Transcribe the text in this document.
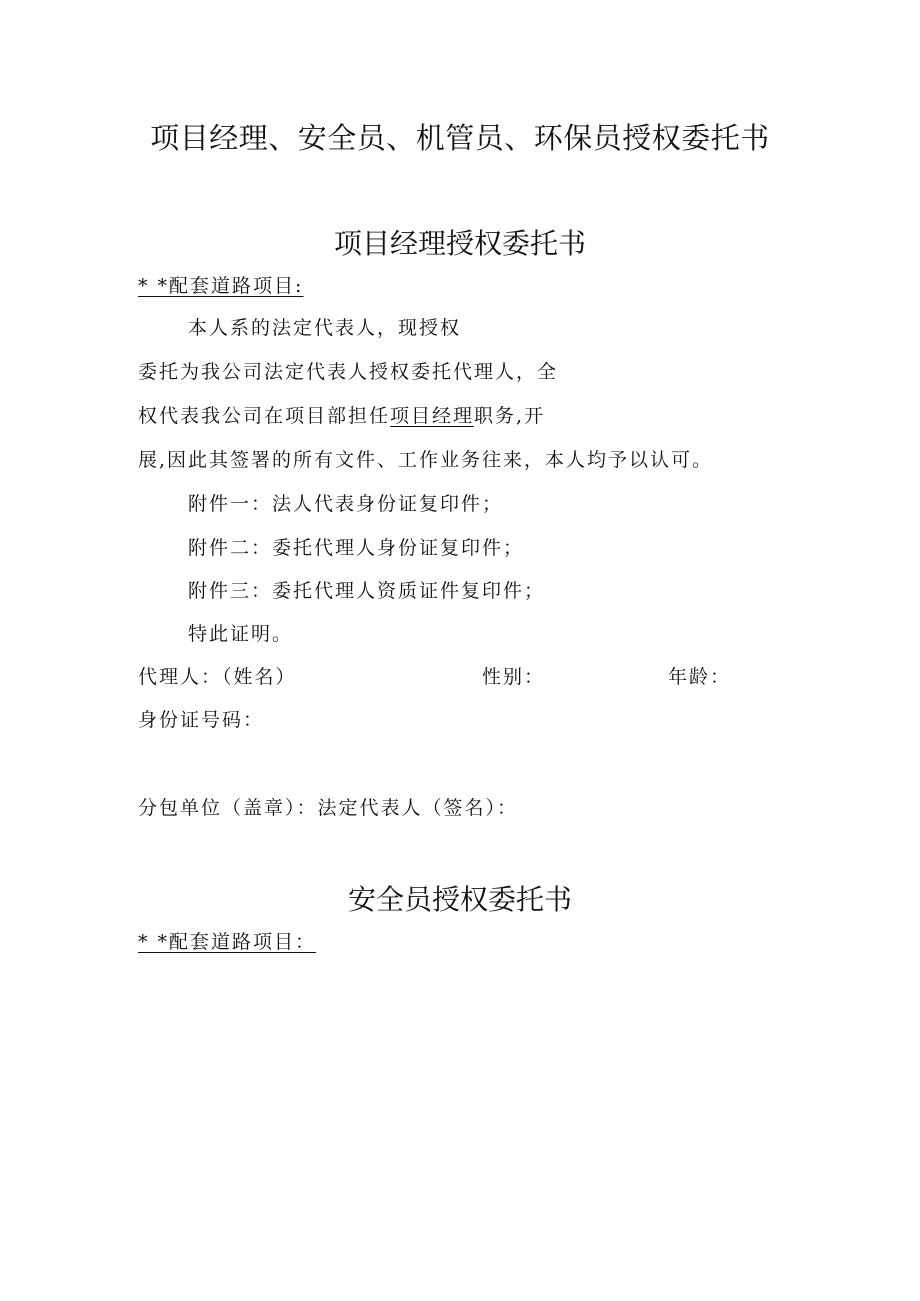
项目经理、安全员、机管员、环保员授权委托书
项目经理授权委托书
* *配套道路项目:
本人系的法定代表人，现授权
委托为我公司法定代表人授权委托代理人，全
权代表我公司在项目部担任项目经理职务,开
展,因此其签署的所有文件、工作业务往来，本人均予以认可。
附件一：法人代表身份证复印件；
附件二：委托代理人身份证复印件；
附件三：委托代理人资质证件复印件；
特此证明。
代理人：（姓名）	性别：	年龄：
身份证号码：
分包单位（盖章）：法定代表人（签名）：
安全员授权委托书
* *配套道路项目：
